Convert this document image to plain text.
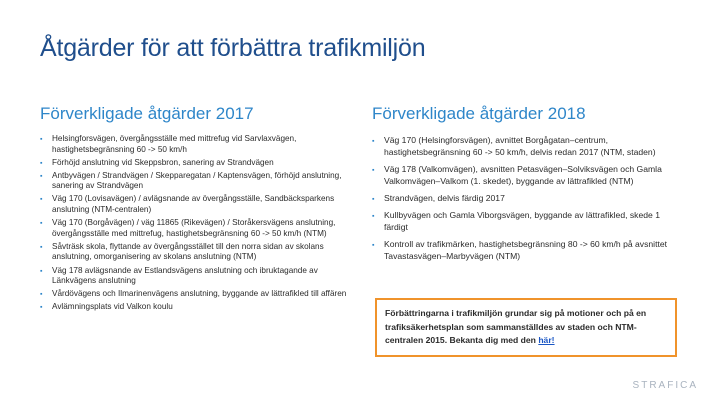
Åtgärder för att förbättra trafikmiljön
Förverkligade åtgärder 2017
▪ Helsingforsvägen, övergångsställe med mittrefug vid Sarvlaxvägen, hastighetsbegränsning 60 -> 50 km/h
▪ Förhöjd anslutning vid Skeppsbron, sanering av Strandvägen
▪ Antbyvägen / Strandvägen / Skepparegatan / Kaptensvägen, förhöjd anslutning, sanering av Strandvägen
▪ Väg 170 (Lovisavägen) / avlägsnande av övergångsställe, Sandbäcksparkens anslutning (NTM-centralen)
▪ Väg 170 (Borgåvägen) / väg 11865 (Rikevägen) / Storåkersvägens anslutning, övergångsställe med mittrefug, hastighetsbegränsning 60 -> 50 km/h (NTM)
▪ Såvträsk skola, flyttande av övergångsstället till den norra sidan av skolans anslutning, omorganisering av skolans anslutning (NTM)
▪ Väg 178 avlägsnande av Estlandsvägens anslutning och ibruktagande av Länkvägens anslutning
▪ Vårdövägens och Ilmarinenvägens anslutning, byggande av lättrafikled till affären
▪ Avlämningsplats vid Valkon koulu
Förverkligade åtgärder 2018
▪ Väg 170 (Helsingforsvägen), avnittet Borgågatan–centrum, hastighetsbegränsning 60 -> 50 km/h, delvis redan 2017 (NTM, staden)
▪ Väg 178 (Valkomvägen), avsnitten Petasvägen–Solviksvägen och Gamla Valkomvägen–Valkom (1. skedet), byggande av lättrafikled (NTM)
▪ Strandvägen, delvis färdig 2017
▪ Kullbyvägen och Gamla Viborgsvägen, byggande av lättrafikled, skede 1 färdigt
▪ Kontroll av trafikmärken, hastighetsbegränsning 80 -> 60 km/h på avsnittet Tavastasvägen–Marbyvägen (NTM)
Förbättringarna i trafikmiljön grundar sig på motioner och på en trafiksäkerhetsplan som sammanställdes av staden och NTM-centralen 2015. Bekanta dig med den här!
STRAFICA
